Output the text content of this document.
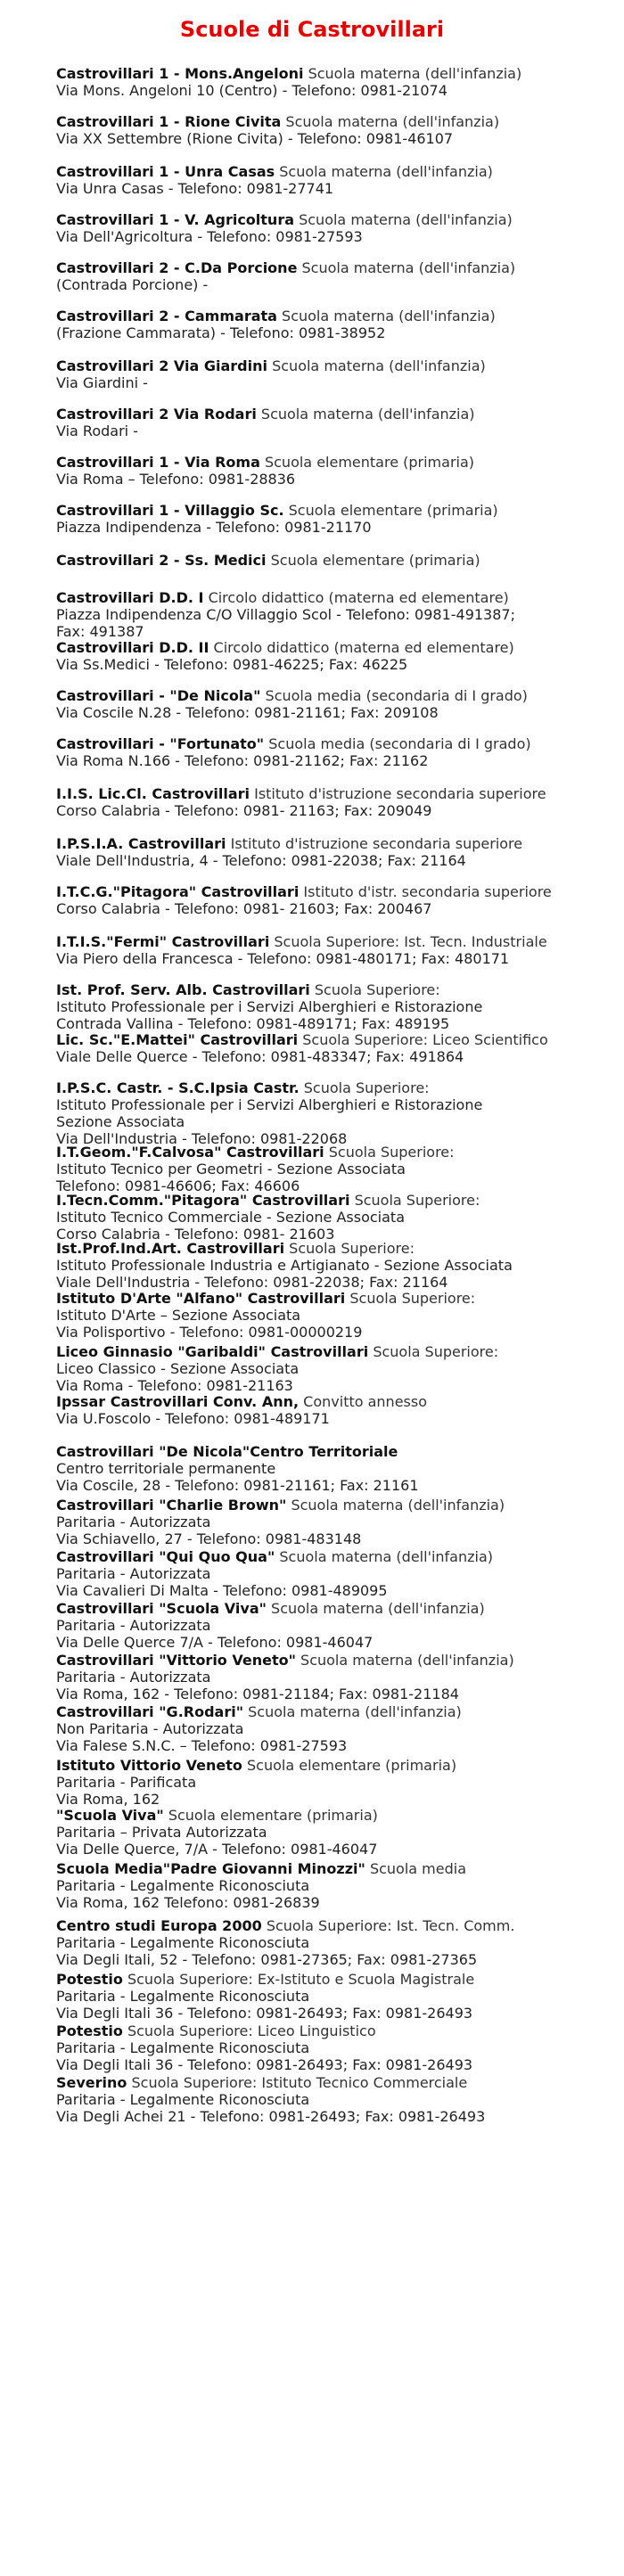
Scuole di Castrovillari
Castrovillari 1 - Mons.Angeloni Scuola materna (dell'infanzia)
Via Mons. Angeloni 10 (Centro) - Telefono: 0981-21074
Castrovillari 1 - Rione Civita Scuola materna (dell'infanzia)
Via XX Settembre (Rione Civita) - Telefono: 0981-46107
Castrovillari 1 - Unra Casas Scuola materna (dell'infanzia)
Via Unra Casas - Telefono: 0981-27741
Castrovillari 1 - V. Agricoltura Scuola materna (dell'infanzia)
Via Dell'Agricoltura - Telefono: 0981-27593
Castrovillari 2 - C.Da Porcione Scuola materna (dell'infanzia)
(Contrada Porcione) -
Castrovillari 2 - Cammarata Scuola materna (dell'infanzia)
(Frazione Cammarata) - Telefono: 0981-38952
Castrovillari 2 Via Giardini Scuola materna (dell'infanzia)
Via Giardini -
Castrovillari 2 Via Rodari Scuola materna (dell'infanzia)
Via Rodari -
Castrovillari 1 - Via Roma Scuola elementare (primaria)
Via Roma – Telefono: 0981-28836
Castrovillari 1 - Villaggio Sc. Scuola elementare (primaria)
Piazza Indipendenza - Telefono: 0981-21170
Castrovillari 2 - Ss. Medici Scuola elementare (primaria)
Castrovillari D.D. I Circolo didattico (materna ed elementare)
Piazza Indipendenza C/O Villaggio Scol - Telefono: 0981-491387;
Fax: 491387
Castrovillari D.D. II Circolo didattico (materna ed elementare)
Via Ss.Medici - Telefono: 0981-46225; Fax: 46225
Castrovillari - "De Nicola" Scuola media (secondaria di I grado)
Via Coscile N.28 - Telefono: 0981-21161; Fax: 209108
Castrovillari - "Fortunato" Scuola media (secondaria di I grado)
Via Roma N.166 - Telefono: 0981-21162; Fax: 21162
I.I.S. Lic.Cl. Castrovillari Istituto d'istruzione secondaria superiore
Corso Calabria - Telefono: 0981- 21163; Fax: 209049
I.P.S.I.A. Castrovillari Istituto d'istruzione secondaria superiore
Viale Dell'Industria, 4 - Telefono: 0981-22038; Fax: 21164
I.T.C.G."Pitagora" Castrovillari Istituto d'istr. secondaria superiore
Corso Calabria - Telefono: 0981- 21603; Fax: 200467
I.T.I.S."Fermi" Castrovillari Scuola Superiore: Ist. Tecn. Industriale
Via Piero della Francesca - Telefono: 0981-480171; Fax: 480171
Ist. Prof. Serv. Alb. Castrovillari Scuola Superiore:
Istituto Professionale per i Servizi Alberghieri e Ristorazione
Contrada Vallina - Telefono: 0981-489171; Fax: 489195
Lic. Sc."E.Mattei" Castrovillari Scuola Superiore: Liceo Scientifico
Viale Delle Querce - Telefono: 0981-483347; Fax: 491864
I.P.S.C. Castr. - S.C.Ipsia Castr. Scuola Superiore:
Istituto Professionale per i Servizi Alberghieri e Ristorazione
Sezione Associata
Via Dell'Industria - Telefono: 0981-22068
I.T.Geom."F.Calvosa" Castrovillari Scuola Superiore:
Istituto Tecnico per Geometri - Sezione Associata
Telefono: 0981-46606; Fax: 46606
I.Tecn.Comm."Pitagora" Castrovillari Scuola Superiore:
Istituto Tecnico Commerciale - Sezione Associata
Corso Calabria - Telefono: 0981- 21603
Ist.Prof.Ind.Art. Castrovillari Scuola Superiore:
Istituto Professionale Industria e Artigianato - Sezione Associata
Viale Dell'Industria - Telefono: 0981-22038; Fax: 21164
Istituto D'Arte "Alfano" Castrovillari Scuola Superiore:
Istituto D'Arte – Sezione Associata
Via Polisportivo - Telefono: 0981-00000219
Liceo Ginnasio "Garibaldi" Castrovillari Scuola Superiore:
Liceo Classico - Sezione Associata
Via Roma - Telefono: 0981-21163
Ipssar Castrovillari Conv. Ann, Convitto annesso
Via U.Foscolo - Telefono: 0981-489171
Castrovillari "De Nicola"Centro Territoriale
Centro territoriale permanente
Via Coscile, 28 - Telefono: 0981-21161; Fax: 21161
Castrovillari "Charlie Brown" Scuola materna (dell'infanzia)
Paritaria - Autorizzata
Via Schiavello, 27 - Telefono: 0981-483148
Castrovillari "Qui Quo Qua" Scuola materna (dell'infanzia)
Paritaria - Autorizzata
Via Cavalieri Di Malta - Telefono: 0981-489095
Castrovillari "Scuola Viva" Scuola materna (dell'infanzia)
Paritaria - Autorizzata
Via Delle Querce 7/A - Telefono: 0981-46047
Castrovillari "Vittorio Veneto" Scuola materna (dell'infanzia)
Paritaria - Autorizzata
Via Roma, 162 - Telefono: 0981-21184; Fax: 0981-21184
Castrovillari "G.Rodari" Scuola materna (dell'infanzia)
Non Paritaria - Autorizzata
Via Falese S.N.C. – Telefono: 0981-27593
Istituto Vittorio Veneto Scuola elementare (primaria)
Paritaria - Parificata
Via Roma, 162
"Scuola Viva" Scuola elementare (primaria)
Paritaria – Privata Autorizzata
Via Delle Querce, 7/A - Telefono: 0981-46047
Scuola Media"Padre Giovanni Minozzi" Scuola media
Paritaria - Legalmente Riconosciuta
Via Roma, 162 Telefono: 0981-26839
Centro studi Europa 2000 Scuola Superiore: Ist. Tecn. Comm.
Paritaria - Legalmente Riconosciuta
Via Degli Itali, 52 - Telefono: 0981-27365; Fax: 0981-27365
Potestio Scuola Superiore: Ex-Istituto e Scuola Magistrale
Paritaria - Legalmente Riconosciuta
Via Degli Itali 36 - Telefono: 0981-26493; Fax: 0981-26493
Potestio Scuola Superiore: Liceo Linguistico
Paritaria - Legalmente Riconosciuta
Via Degli Itali 36 - Telefono: 0981-26493; Fax: 0981-26493
Severino Scuola Superiore: Istituto Tecnico Commerciale
Paritaria - Legalmente Riconosciuta
Via Degli Achei 21 - Telefono: 0981-26493; Fax: 0981-26493
